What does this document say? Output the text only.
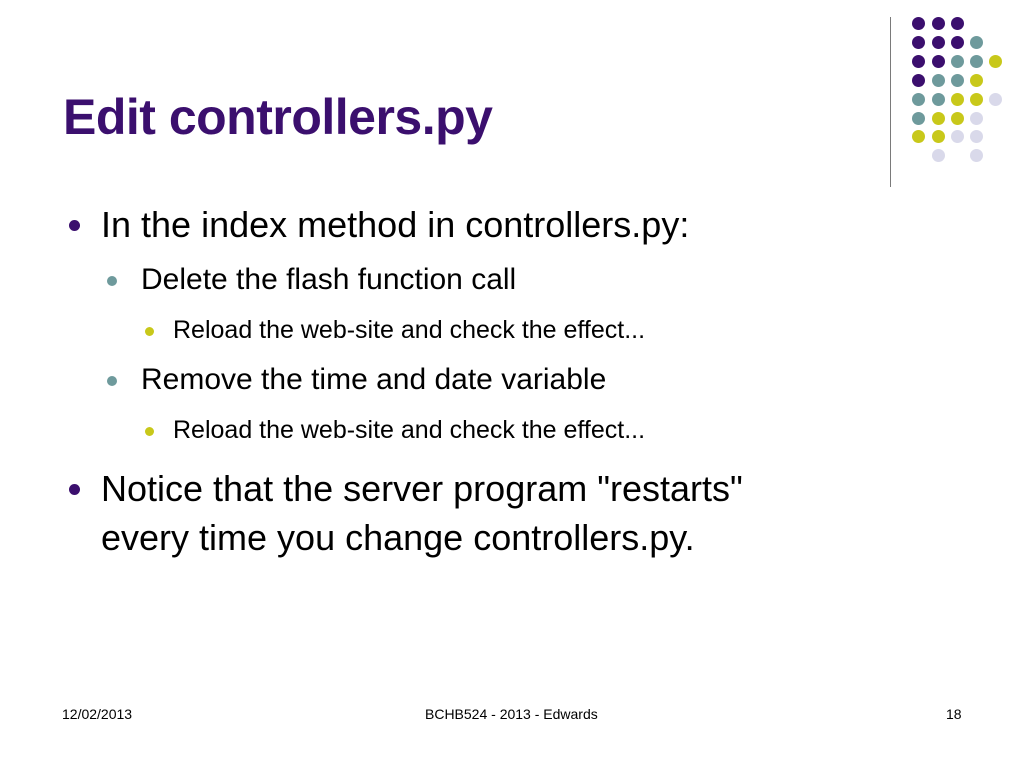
Edit controllers.py
In the index method in controllers.py:
Delete the flash function call
Reload the web-site and check the effect...
Remove the time and date variable
Reload the web-site and check the effect...
Notice that the server program "restarts"
every time you change controllers.py.
12/02/2013	BCHB524 - 2013 - Edwards	18
